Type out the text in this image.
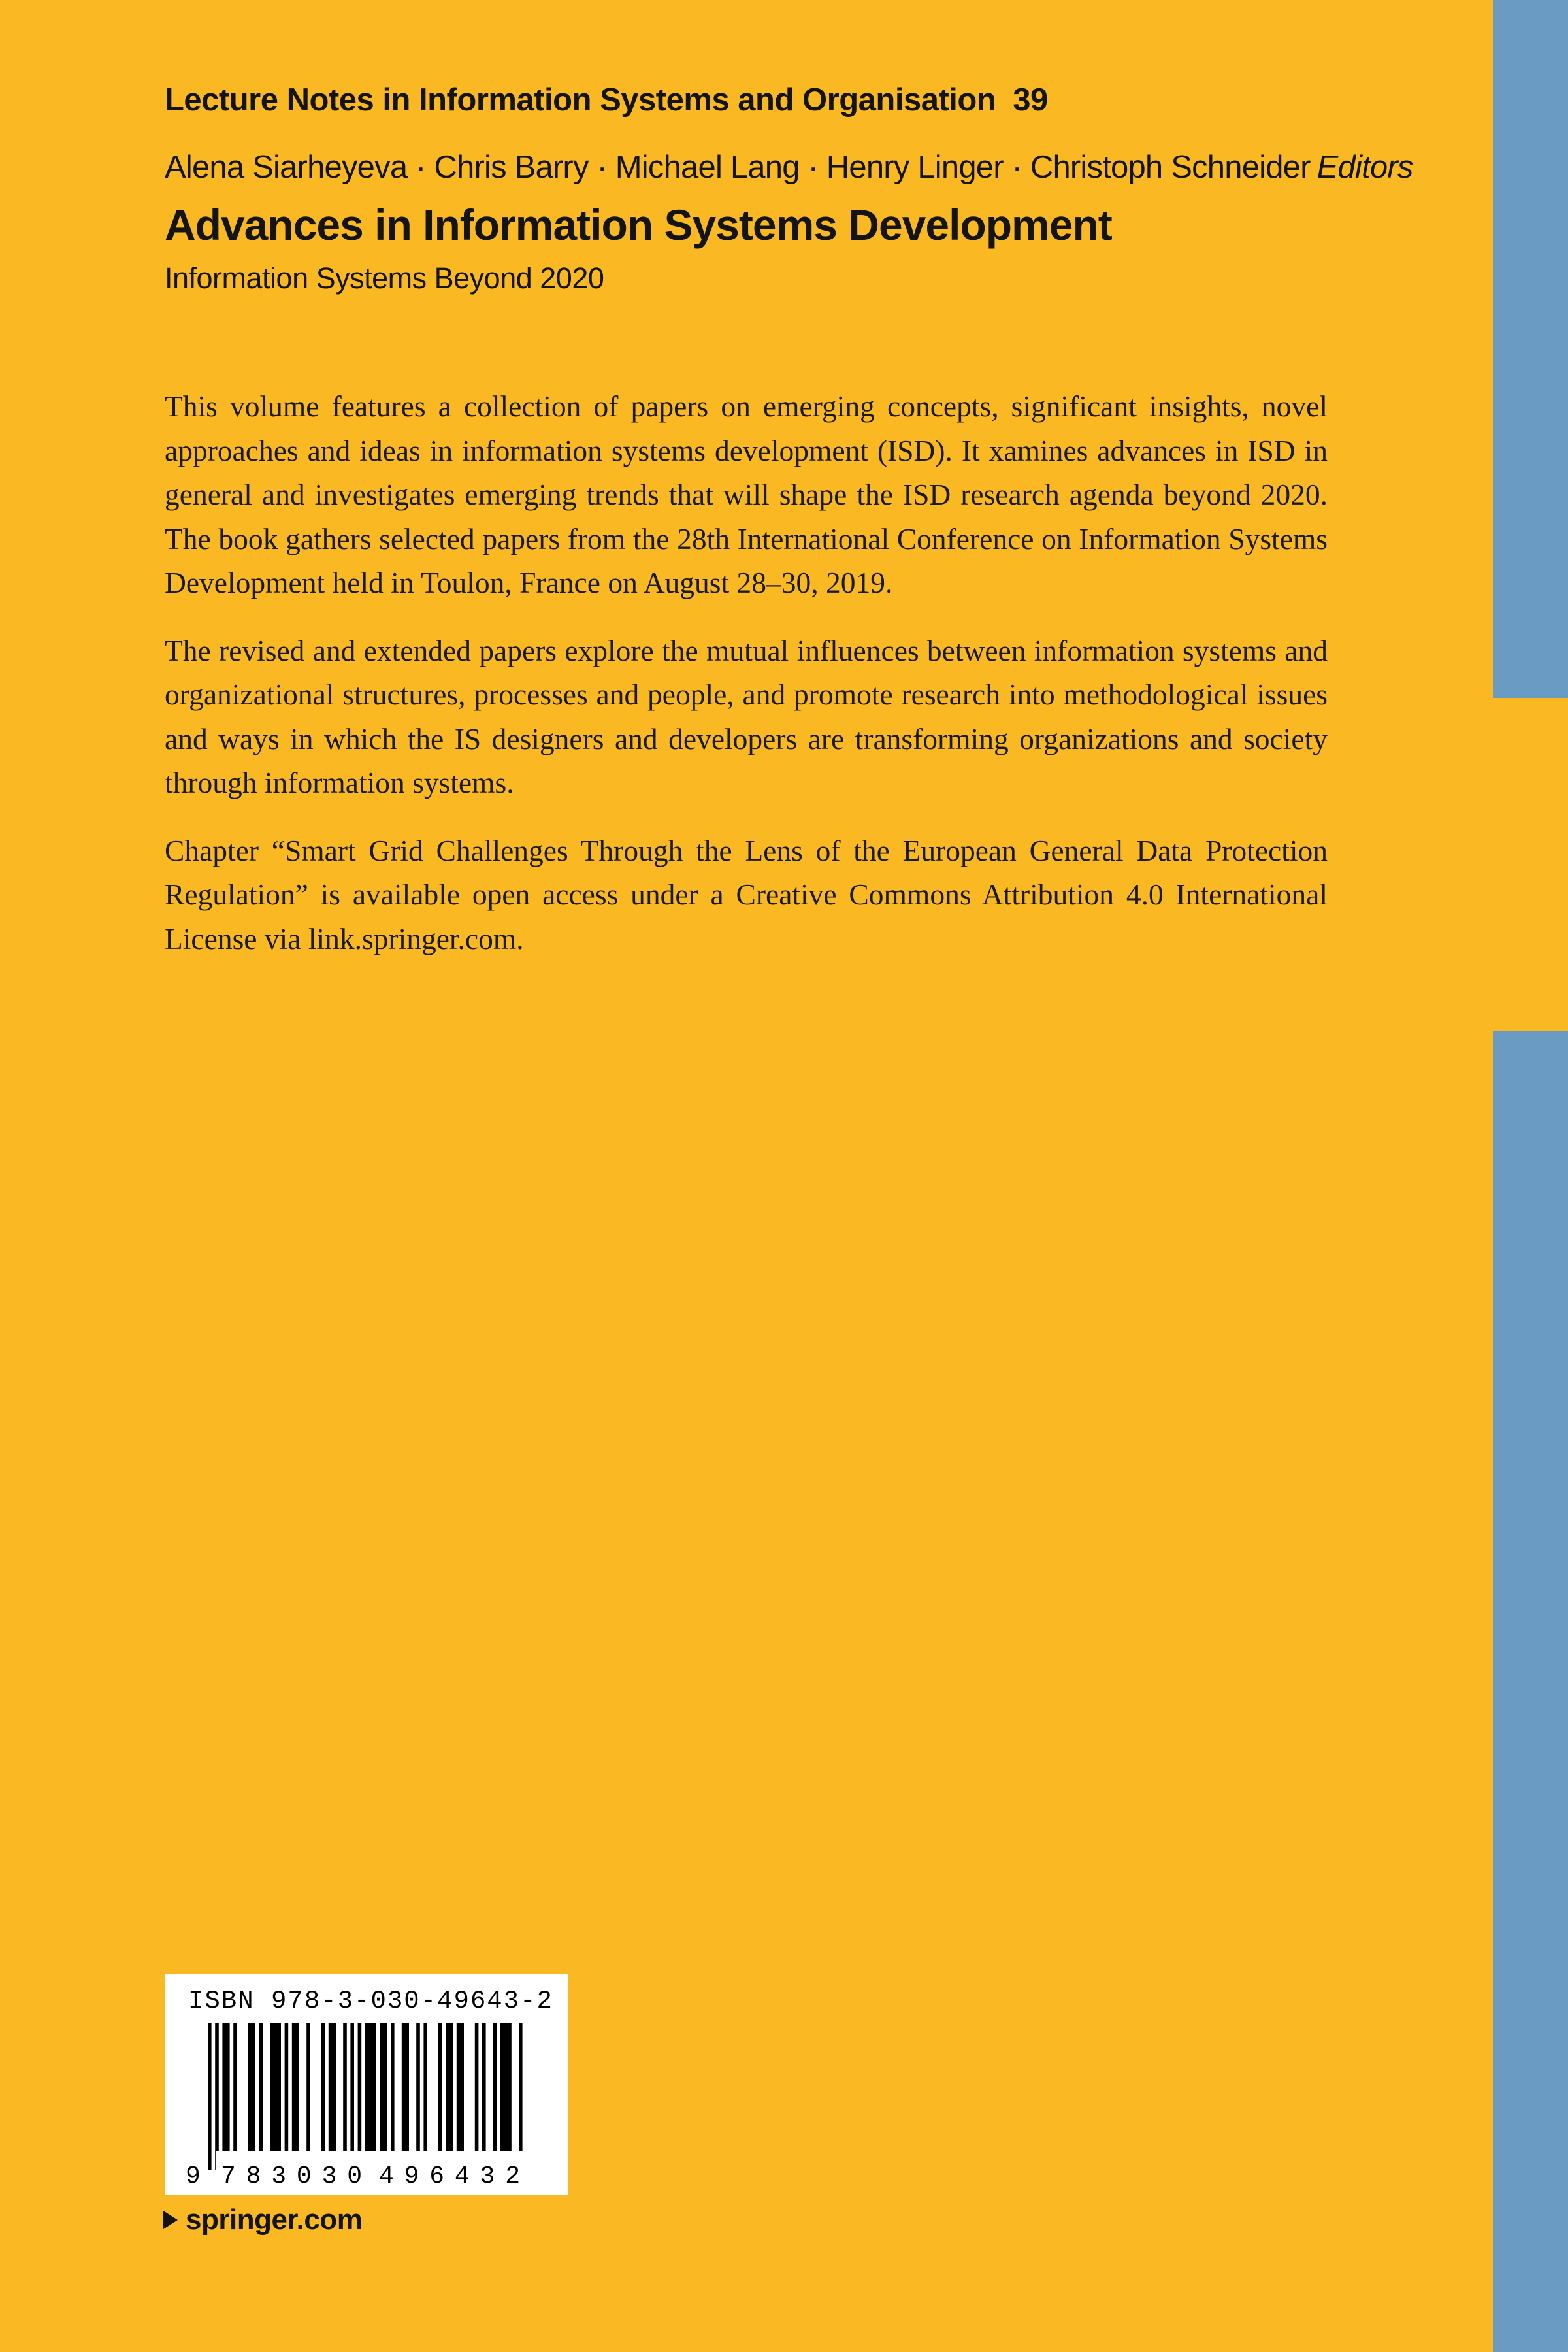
Lecture Notes in Information Systems and Organisation 39
Alena Siarheyeva · Chris Barry · Michael Lang · Henry Linger · Christoph Schneider Editors
Advances in Information Systems Development
Information Systems Beyond 2020

This volume features a collection of papers on emerging concepts, significant insights, novel approaches and ideas in information systems development (ISD). It xamines advances in ISD in general and investigates emerging trends that will shape the ISD research agenda beyond 2020. The book gathers selected papers from the 28th International Conference on Information Systems Development held in Toulon, France on August 28–30, 2019.

The revised and extended papers explore the mutual influences between information systems and organizational structures, processes and people, and promote research into methodological issues and ways in which the IS designers and developers are transforming organizations and society through information systems.

Chapter “Smart Grid Challenges Through the Lens of the European General Data Protection Regulation” is available open access under a Creative Commons Attribution 4.0 International License via link.springer.com.

ISBN 978-3-030-49643-2
9 783030 496432
springer.com
